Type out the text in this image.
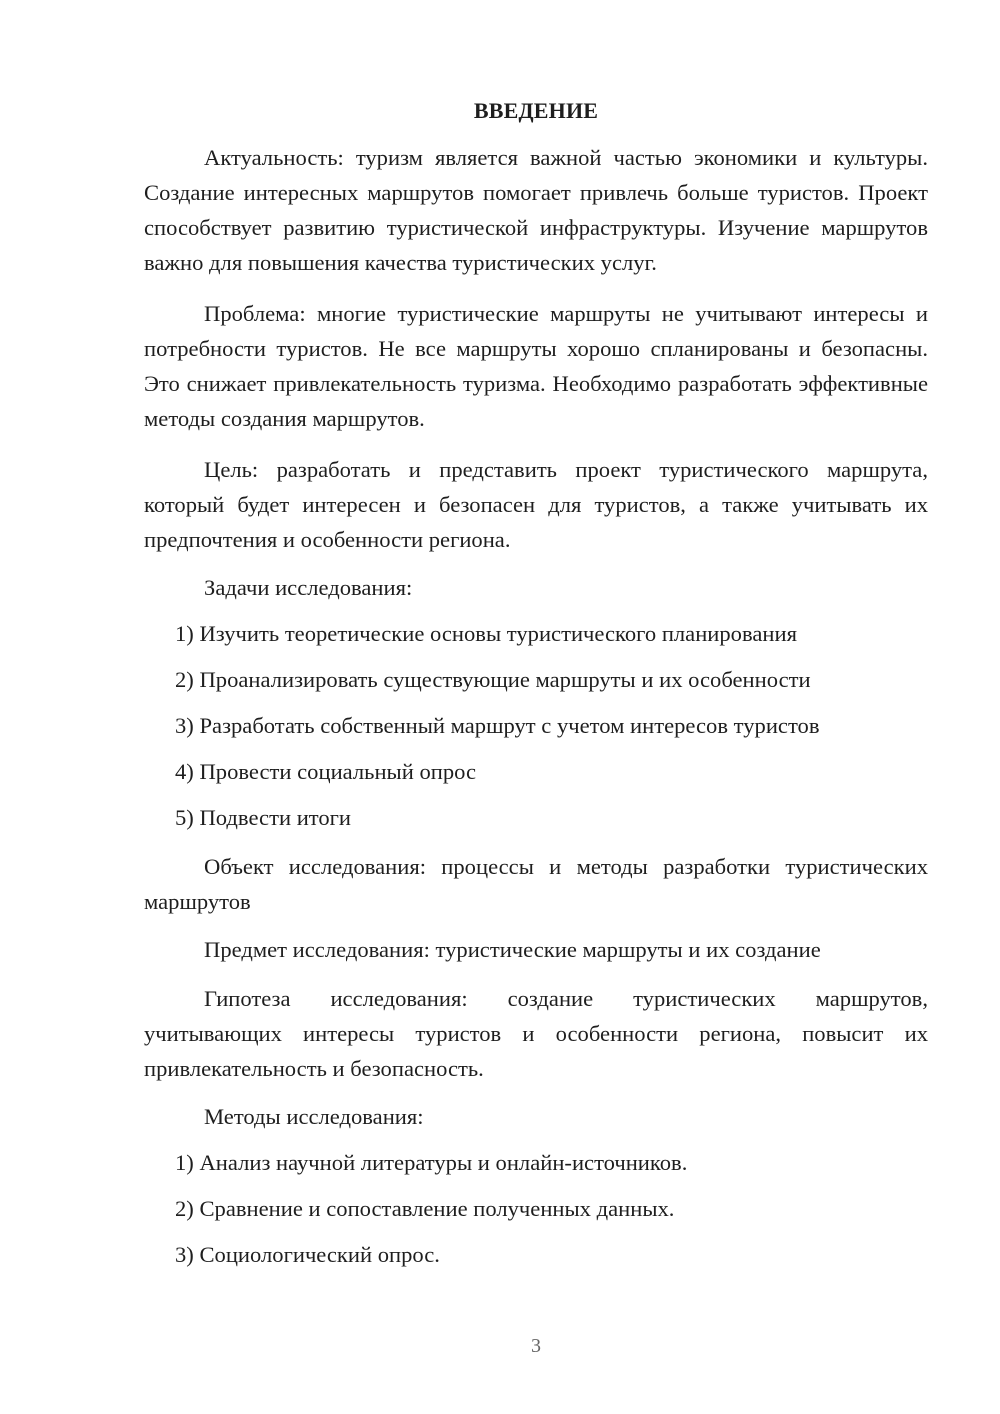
ВВЕДЕНИЕ

Актуальность: туризм является важной частью экономики и культуры. Создание интересных маршрутов помогает привлечь больше туристов. Проект способствует развитию туристической инфраструктуры. Изучение маршрутов важно для повышения качества туристических услуг.

Проблема: многие туристические маршруты не учитывают интересы и потребности туристов. Не все маршруты хорошо спланированы и безопасны. Это снижает привлекательность туризма. Необходимо разработать эффективные методы создания маршрутов.

Цель: разработать и представить проект туристического маршрута, который будет интересен и безопасен для туристов, а также учитывать их предпочтения и особенности региона.

Задачи исследования:
1) Изучить теоретические основы туристического планирования
2) Проанализировать существующие маршруты и их особенности
3) Разработать собственный маршрут с учетом интересов туристов
4) Провести социальный опрос
5) Подвести итоги

Объект исследования: процессы и методы разработки туристических маршрутов

Предмет исследования: туристические маршруты и их создание

Гипотеза исследования: создание туристических маршрутов, учитывающих интересы туристов и особенности региона, повысит их привлекательность и безопасность.

Методы исследования:
1) Анализ научной литературы и онлайн-источников.
2) Сравнение и сопоставление полученных данных.
3) Социологический опрос.
3
